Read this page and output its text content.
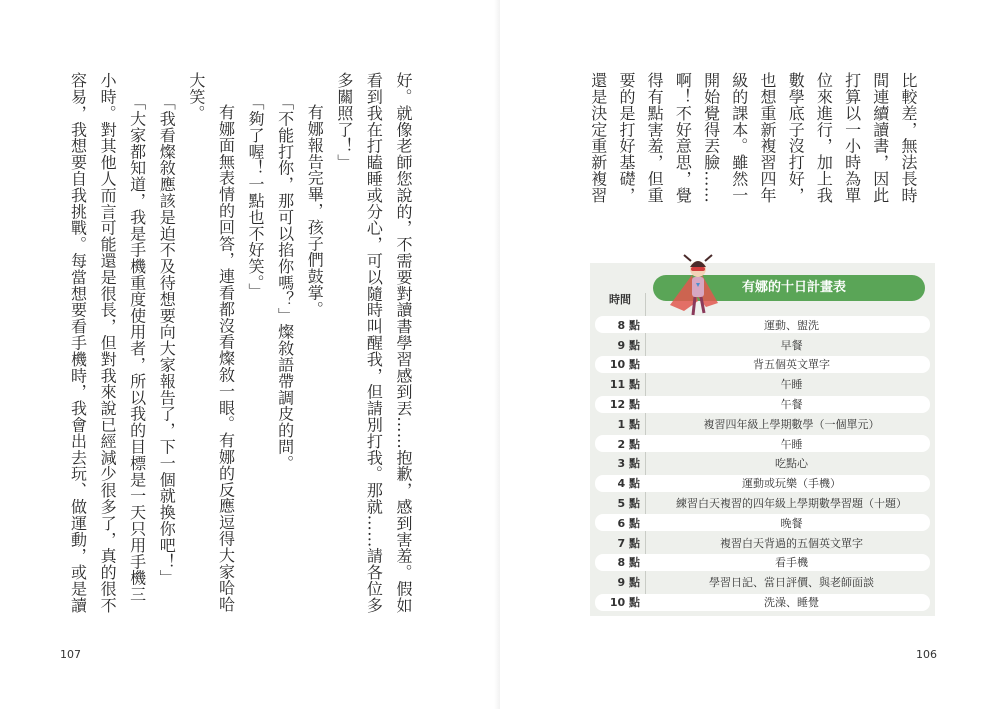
好。就像老師您說的，不需要對讀書學習感到丟……抱歉，感到害羞。假如
看到我在打瞌睡或分心，可以隨時叫醒我，但請別打我。那就……請各位多
多關照了！」
有娜報告完畢，孩子們鼓掌。
「不能打你，那可以掐你嗎？」燦敘語帶調皮的問。
「夠了喔！一點也不好笑。」
有娜面無表情的回答，連看都沒看燦敘一眼。有娜的反應逗得大家哈哈
大笑。
「我看燦敘應該是迫不及待想要向大家報告了，下一個就換你吧！」
「大家都知道，我是手機重度使用者，所以我的目標是一天只用手機三
小時。對其他人而言可能還是很長，但對我來說已經減少很多了，真的很不
容易，我想要自我挑戰。每當想要看手機時，我會出去玩、做運動，或是讀
107
比較差，無法長時
間連續讀書，因此
打算以一小時為單
位來進行，加上我
數學底子沒打好，
也想重新複習四年
級的課本。雖然一
開始覺得丟臉……
啊！不好意思，覺
得有點害羞，但重
要的是打好基礎，
還是決定重新複習
有娜的十日計畫表
時間
8 點	運動、盥洗
9 點	早餐
10 點	背五個英文單字
11 點	午睡
12 點	午餐
1 點	複習四年級上學期數學（一個單元）
2 點	午睡
3 點	吃點心
4 點	運動或玩樂（手機）
5 點	練習白天複習的四年級上學期數學習題（十題）
6 點	晚餐
7 點	複習白天背過的五個英文單字
8 點	看手機
9 點	學習日記、當日評價、與老師面談
10 點	洗澡、睡覺
106
